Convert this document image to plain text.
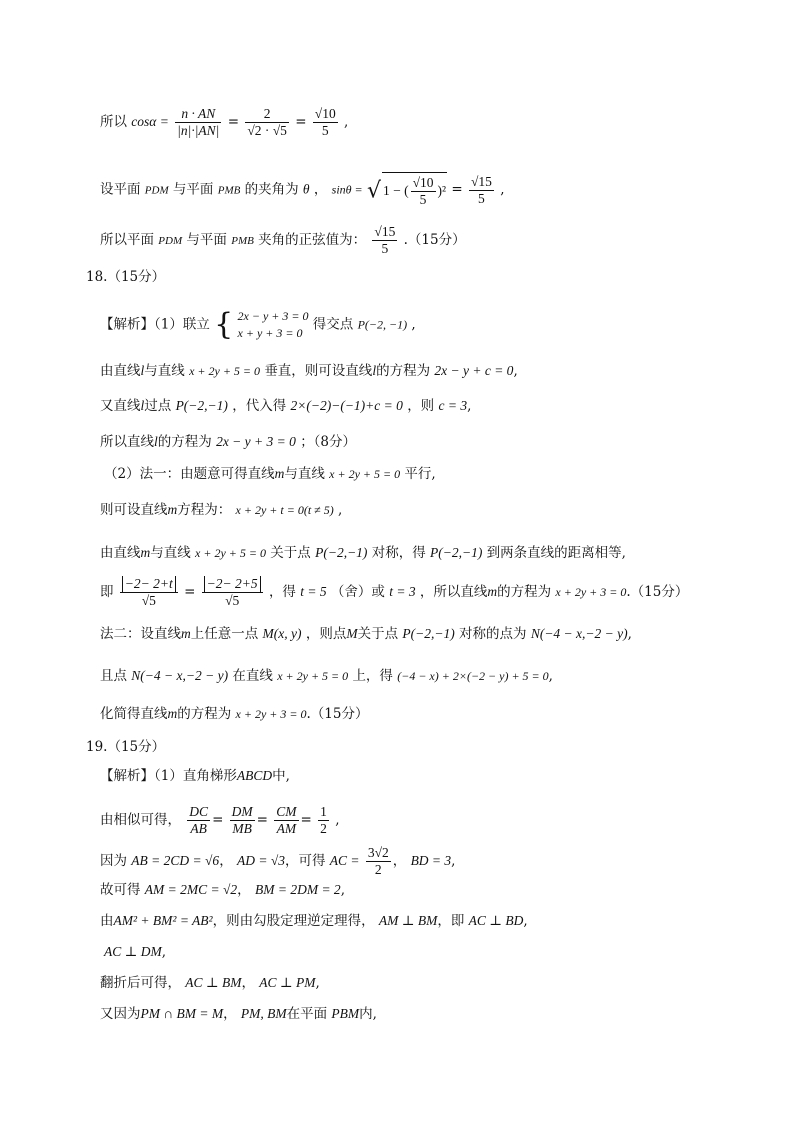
所以 $\cos\alpha = \frac{n \cdot AN}{|n|\cdot|AN|} = \frac{2}{√2 \cdot √5} = \frac{√10}{5}$ ,
设平面 PDM 与平面 PMB 的夹角为 θ ， sinθ = √ 1 − ( $\frac{√10}{5} )^2 = \frac{√15}{5}$ ,
所以平面 PDM 与平面 PMB 夹角的正弦值为： $\frac{√15}{5} .(15$分）
18.（15分）
【解析】（1）联立 { 2x − y + 3 = 0
x + y + 3 = 0
得交点 P(−2, −1) ,
由直线l与直线 x + 2y + 5 = 0 垂直，则可设直线l的方程为 2x − y + c = 0,
又直线l过点 P(−2,−1) ，代入得 2×(−2)−(−1)+c = 0 ，则 c = 3,
所以直线l的方程为 2x − y + 3 = 0 ；（8分）
（2）法一：由题意可得直线m与直线 x + 2y + 5 = 0 平行,
则可设直线m方程为： x + 2y + t = 0(t ≠ 5) ,
由直线m与直线 x + 2y + 5 = 0 关于点 P(−2,−1) 对称，得 P(−2,−1) 到两条直线的距离相等,
即 $\frac{-2- 2+t}{√5} = \frac{-2- 2+5}{√5}$ ，得 t = 5 （舍）或 t = 3 ，所以直线m的方程为 x + 2y + 3 = 0.（15分）
法二：设直线m上任意一点 M(x, y) ，则点M关于点 P(−2,−1) 对称的点为 N(−4 − x,−2 − y),
且点 N(−4 − x,−2 − y) 在直线 x + 2y + 5 = 0 上，得 (−4 − x) + 2×(−2 − y) + 5 = 0,
化简得直线m的方程为 x + 2y + 3 = 0.（15分）
19.（15分）
【解析】（1）直角梯形ABCD中,
由相似可得， $\frac{DC}{AB} = \frac{DM}{MB} = \frac{CM}{AM} = \frac{1}{2}$ ,
因为 AB = 2CD = √6， AD = √3，可得 AC = $\frac{3√2}{2}$ ， BD = 3,
故可得 AM = 2MC = √2， BM = 2DM = 2,
由AM² + BM² = AB²，则由勾股定理逆定理得， AM ⊥ BM，即 AC ⊥ BD,
AC ⊥ DM,
翻折后可得， AC ⊥ BM， AC ⊥ PM,
又因为PM ∩ BM = M， PM, BM在平面 PBM内,
